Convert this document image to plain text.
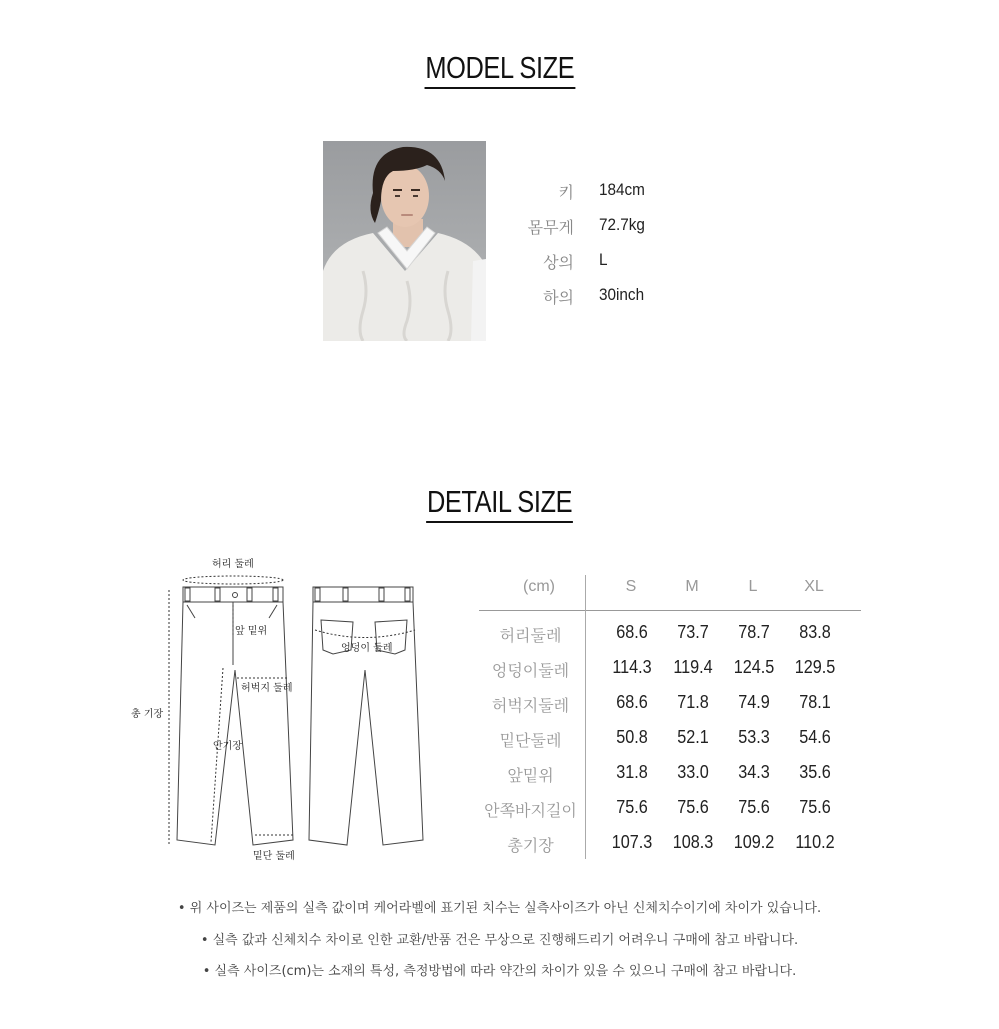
MODEL SIZE
키 184cm
몸무게 72.7kg
상의 L
하의 30inch
DETAIL SIZE
허리 둘레
앞 밑위
엉덩이 둘레
허벅지 둘레
총 기장
안기장
밑단 둘레
(cm)	S	M	L	XL
허리둘레	68.6	73.7	78.7	83.8
엉덩이둘레	114.3	119.4	124.5	129.5
허벅지둘레	68.6	71.8	74.9	78.1
밑단둘레	50.8	52.1	53.3	54.6
앞밑위	31.8	33.0	34.3	35.6
안쪽바지길이	75.6	75.6	75.6	75.6
총기장	107.3	108.3	109.2	110.2
• 위 사이즈는 제품의 실측 값이며 케어라벨에 표기된 치수는 실측사이즈가 아닌 신체치수이기에 차이가 있습니다.
• 실측 값과 신체치수 차이로 인한 교환/반품 건은 무상으로 진행해드리기 어려우니 구매에 참고 바랍니다.
• 실측 사이즈(cm)는 소재의 특성, 측정방법에 따라 약간의 차이가 있을 수 있으니 구매에 참고 바랍니다.
